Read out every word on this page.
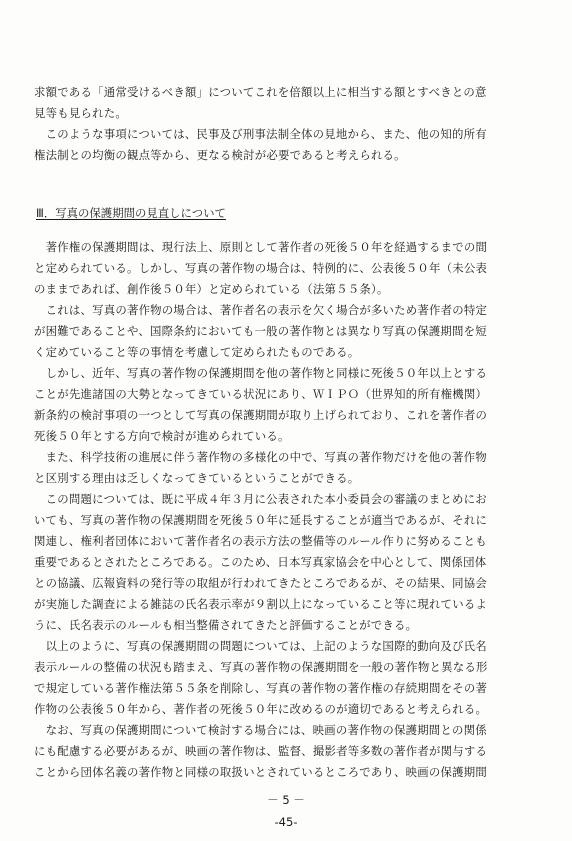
求額である「通常受けるべき額」についてこれを倍額以上に相当する額とすべきとの意
見等も見られた。
　このような事項については、民事及び刑事法制全体の見地から、また、他の知的所有
権法制との均衡の観点等から、更なる検討が必要であると考えられる。
Ⅲ．写真の保護期間の見直しについて
　著作権の保護期間は、現行法上、原則として著作者の死後５０年を経過するまでの間
と定められている。しかし、写真の著作物の場合は、特例的に、公表後５０年（未公表
のままであれば、創作後５０年）と定められている（法第５５条）。
　これは、写真の著作物の場合は、著作者名の表示を欠く場合が多いため著作者の特定
が困難であることや、国際条約においても一般の著作物とは異なり写真の保護期間を短
く定めていること等の事情を考慮して定められたものである。
　しかし、近年、写真の著作物の保護期間を他の著作物と同様に死後５０年以上とする
ことが先進諸国の大勢となってきている状況にあり、ＷＩＰＯ（世界知的所有権機関）
新条約の検討事項の一つとして写真の保護期間が取り上げられており、これを著作者の
死後５０年とする方向で検討が進められている。
　また、科学技術の進展に伴う著作物の多様化の中で、写真の著作物だけを他の著作物
と区別する理由は乏しくなってきているということができる。
　この問題については、既に平成４年３月に公表された本小委員会の審議のまとめにお
いても、写真の著作物の保護期間を死後５０年に延長することが適当であるが、それに
関連し、権利者団体において著作者名の表示方法の整備等のルール作りに努めることも
重要であるとされたところである。このため、日本写真家協会を中心として、関係団体
との協議、広報資料の発行等の取組が行われてきたところであるが、その結果、同協会
が実施した調査による雑誌の氏名表示率が９割以上になっていること等に現れているよ
うに、氏名表示のルールも相当整備されてきたと評価することができる。
　以上のように、写真の保護期間の問題については、上記のような国際的動向及び氏名
表示ルールの整備の状況も踏まえ、写真の著作物の保護期間を一般の著作物と異なる形
で規定している著作権法第５５条を削除し、写真の著作物の著作権の存続期間をその著
作物の公表後５０年から、著作者の死後５０年に改めるのが適切であると考えられる。
　なお、写真の保護期間について検討する場合には、映画の著作物の保護期間との関係
にも配慮する必要があるが、映画の著作物は、監督、撮影者等多数の著作者が関与する
ことから団体名義の著作物と同様の取扱いとされているところであり、映画の保護期間
－ 5 －
-45-
